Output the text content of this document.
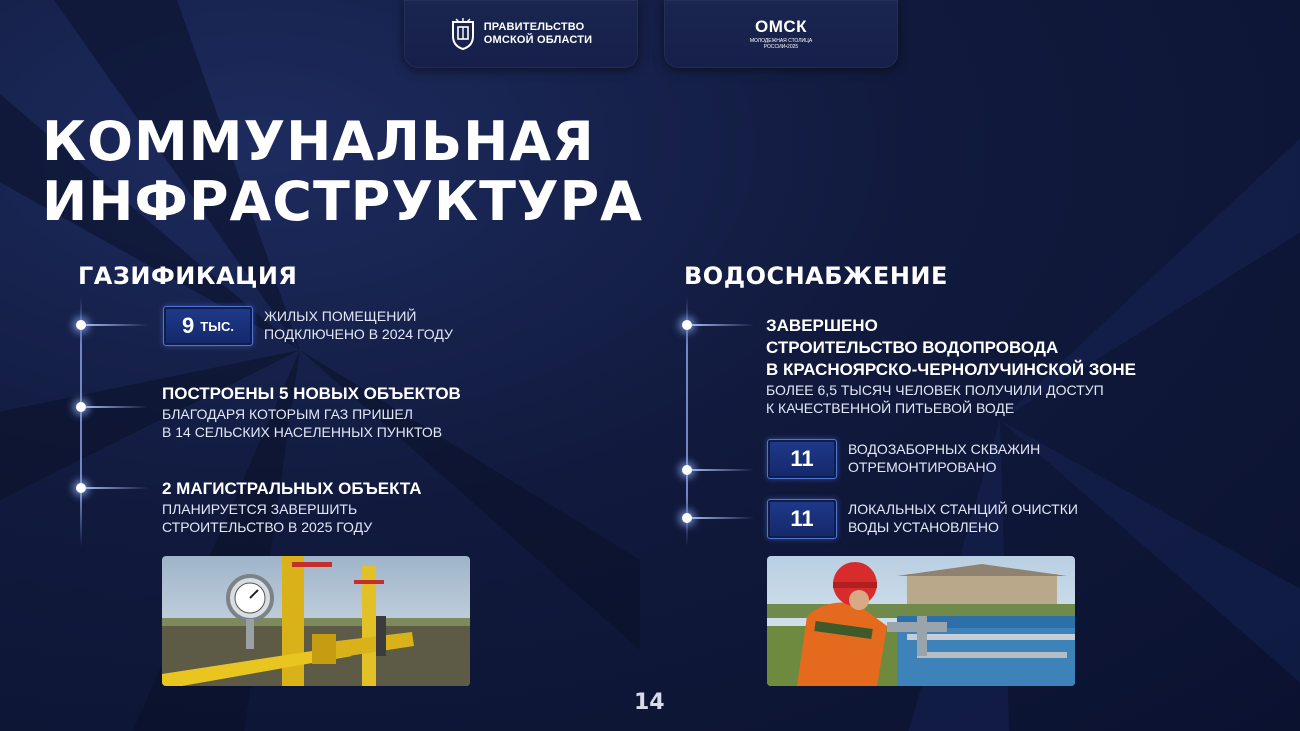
ПРАВИТЕЛЬСТВО
ОМСКОЙ ОБЛАСТИ
ОМСК
МОЛОДЕЖНАЯ СТОЛИЦА
РОССИИ•2025
КОММУНАЛЬНАЯ
ИНФРАСТРУКТУРА
ГАЗИФИКАЦИЯ
9 ТЫС.
ЖИЛЫХ ПОМЕЩЕНИЙ
ПОДКЛЮЧЕНО В 2024 ГОДУ
ПОСТРОЕНЫ 5 НОВЫХ ОБЪЕКТОВ
БЛАГОДАРЯ КОТОРЫМ ГАЗ ПРИШЕЛ
В 14 СЕЛЬСКИХ НАСЕЛЕННЫХ ПУНКТОВ
2 МАГИСТРАЛЬНЫХ ОБЪЕКТА
ПЛАНИРУЕТСЯ ЗАВЕРШИТЬ
СТРОИТЕЛЬСТВО В 2025 ГОДУ
ВОДОСНАБЖЕНИЕ
ЗАВЕРШЕНО
СТРОИТЕЛЬСТВО ВОДОПРОВОДА
В КРАСНОЯРСКО-ЧЕРНОЛУЧИНСКОЙ ЗОНЕ
БОЛЕЕ 6,5 ТЫСЯЧ ЧЕЛОВЕК ПОЛУЧИЛИ ДОСТУП
К КАЧЕСТВЕННОЙ ПИТЬЕВОЙ ВОДЕ
11 ВОДОЗАБОРНЫХ СКВАЖИН
ОТРЕМОНТИРОВАНО
11 ЛОКАЛЬНЫХ СТАНЦИЙ ОЧИСТКИ
ВОДЫ УСТАНОВЛЕНО
14
